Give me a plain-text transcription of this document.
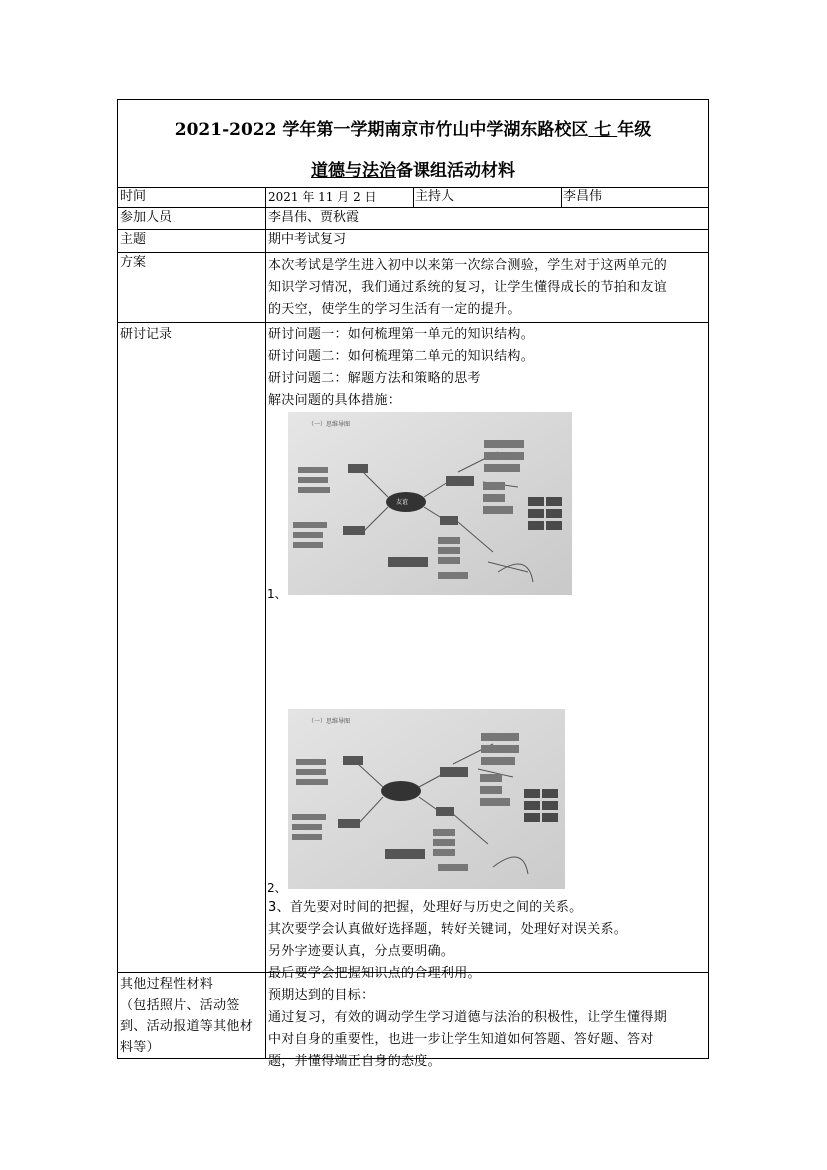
2021-2022 学年第一学期南京市竹山中学湖东路校区 七 年级
道德与法治备课组活动材料
时间	2021 年 11 月 2 日	主持人	李昌伟
参加人员	李昌伟、贾秋霞
主题	期中考试复习
方案	本次考试是学生进入初中以来第一次综合测验，学生对于这两单元的
知识学习情况，我们通过系统的复习，让学生懂得成长的节拍和友谊
的天空，使学生的学习生活有一定的提升。
研讨记录	研讨问题一：如何梳理第一单元的知识结构。
研讨问题二：如何梳理第二单元的知识结构。
研讨问题二：解题方法和策略的思考
解决问题的具体措施：
1、
（一）思维导图
友谊
2、
（一）思维导图
3、首先要对时间的把握，处理好与历史之间的关系。
其次要学会认真做好选择题，转好关键词，处理好对误关系。
另外字迹要认真，分点要明确。
最后要学会把握知识点的合理利用。
预期达到的目标：
通过复习，有效的调动学生学习道德与法治的积极性，让学生懂得期
中对自身的重要性，也进一步让学生知道如何答题、答好题、答对
题，并懂得端正自身的态度。
其他过程性材料
（包括照片、活动签
到、活动报道等其他材
料等）
